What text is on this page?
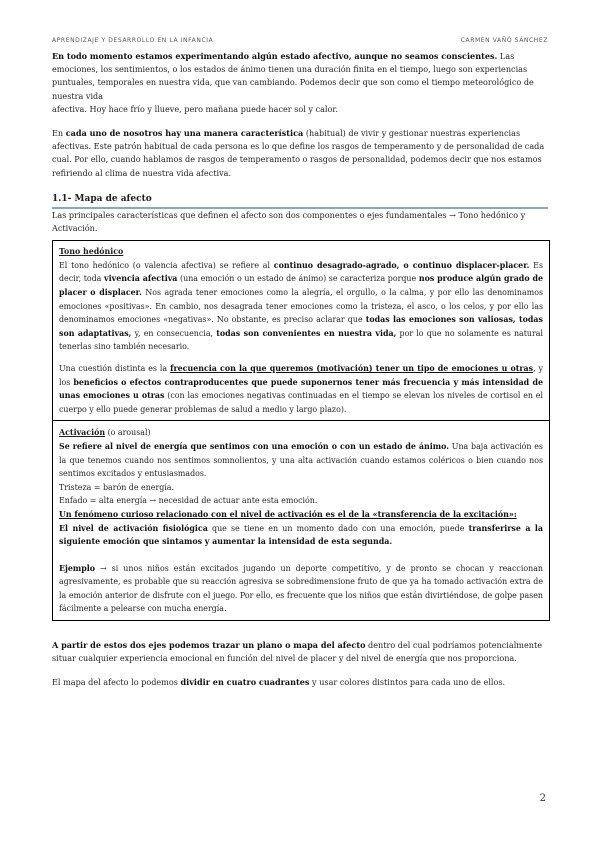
APRENDIZAJE Y DESARROLLO EN LA INFANCIA	CARMEN VAÑÓ SÁNCHEZ

En todo momento estamos experimentando algún estado afectivo, aunque no seamos conscientes. Las emociones, los sentimientos, o los estados de ánimo tienen una duración finita en el tiempo, luego son experiencias puntuales, temporales en nuestra vida, que van cambiando. Podemos decir que son como el tiempo meteorológico de nuestra vida
afectiva. Hoy hace frío y llueve, pero mañana puede hacer sol y calor.

En cada uno de nosotros hay una manera característica (habitual) de vivir y gestionar nuestras experiencias afectivas. Este patrón habitual de cada persona es lo que define los rasgos de temperamento y de personalidad de cada cual. Por ello, cuando hablamos de rasgos de temperamento o rasgos de personalidad, podemos decir que nos estamos refiriendo al clima de nuestra vida afectiva.

1.1- Mapa de afecto

Las principales características que definen el afecto son dos componentes o ejes fundamentales → Tono hedónico y Activación.

Tono hedónico

El tono hedónico (o valencia afectiva) se refiere al continuo desagrado-agrado, o continuo displacer-placer. Es decir, toda vivencia afectiva (una emoción o un estado de ánimo) se caracteriza porque nos produce algún grado de placer o displacer. Nos agrada tener emociones como la alegría, el orgullo, o la calma, y por ello las denominamos emociones «positivas». En cambio, nos desagrada tener emociones como la tristeza, el asco, o los celos, y por ello las denominamos emociones «negativas». No obstante, es preciso aclarar que todas las emociones son valiosas, todas son adaptativas, y, en consecuencia, todas son convenientes en nuestra vida, por lo que no solamente es natural tenerlas sino también necesario.

Una cuestión distinta es la frecuencia con la que queremos (motivación) tener un tipo de emociones u otras, y los beneficios o efectos contraproducentes que puede suponernos tener más frecuencia y más intensidad de unas emociones u otras (con las emociones negativas continuadas en el tiempo se elevan los niveles de cortisol en el cuerpo y ello puede generar problemas de salud a medio y largo plazo).

Activación (o arousal)

Se refiere al nivel de energía que sentimos con una emoción o con un estado de ánimo. Una baja activación es la que tenemos cuando nos sentimos somnolientos, y una alta activación cuando estamos coléricos o bien cuando nos sentimos excitados y entusiasmados.

Tristeza = barón de energía.

Enfado = alta energía → necesidad de actuar ante esta emoción.

Un fenómeno curioso relacionado con el nivel de activación es el de la «transferencia de la excitación»:

El nivel de activación fisiológica que se tiene en un momento dado con una emoción, puede transferirse a la siguiente emoción que sintamos y aumentar la intensidad de esta segunda.

Ejemplo → si unos niños están excitados jugando un deporte competitivo, y de pronto se chocan y reaccionan agresivamente, es probable que su reacción agresiva se sobredimensione fruto de que ya ha tomado activación extra de la emoción anterior de disfrute con el juego. Por ello, es frecuente que los niños que están divirtiéndose, de golpe pasen fácilmente a pelearse con mucha energía.

A partir de estos dos ejes podemos trazar un plano o mapa del afecto dentro del cual podríamos potencialmente situar cualquier experiencia emocional en función del nivel de placer y del nivel de energía que nos proporciona.

El mapa del afecto lo podemos dividir en cuatro cuadrantes y usar colores distintos para cada uno de ellos.

2
